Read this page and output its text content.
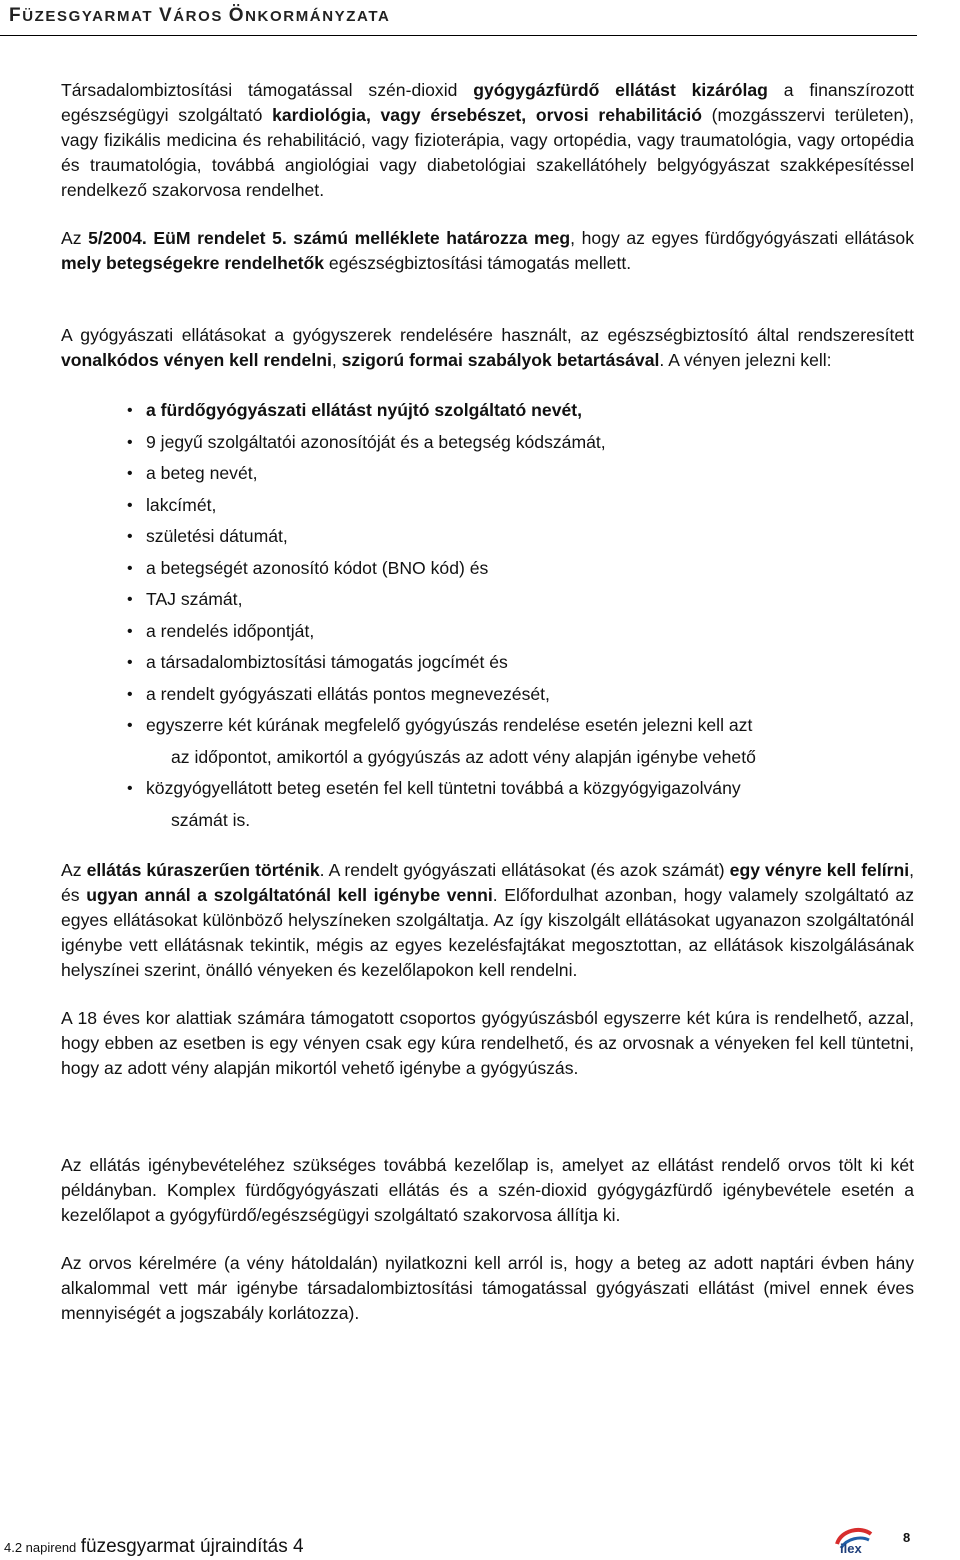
FÜZESGYARMAT VÁROS ÖNKORMÁNYZATA

Társadalombiztosítási támogatással szén-dioxid gyógygázfürdő ellátást kizárólag a finanszírozott egészségügyi szolgáltató kardiológia, vagy érsebészet, orvosi rehabilitáció (mozgásszervi területen), vagy fizikális medicina és rehabilitáció, vagy fizioterápia, vagy ortopédia, vagy traumatológia, vagy ortopédia és traumatológia, továbbá angiológiai vagy diabetológiai szakellátóhely belgyógyászat szakképesítéssel rendelkező szakorvosa rendelhet.

Az 5/2004. EüM rendelet 5. számú melléklete határozza meg, hogy az egyes fürdőgyógyászati ellátások mely betegségekre rendelhetők egészségbiztosítási támogatás mellett.

A gyógyászati ellátásokat a gyógyszerek rendelésére használt, az egészségbiztosító által rendszeresített vonalkódos vényen kell rendelni, szigorú formai szabályok betartásával. A vényen jelezni kell:

• a fürdőgyógyászati ellátást nyújtó szolgáltató nevét,
• 9 jegyű szolgáltatói azonosítóját és a betegség kódszámát,
• a beteg nevét,
• lakcímét,
• születési dátumát,
• a betegségét azonosító kódot (BNO kód) és
• TAJ számát,
• a rendelés időpontját,
• a társadalombiztosítási támogatás jogcímét és
• a rendelt gyógyászati ellátás pontos megnevezését,
• egyszerre két kúrának megfelelő gyógyúszás rendelése esetén jelezni kell azt
az időpontot, amikortól a gyógyúszás az adott vény alapján igénybe vehető
• közgyógyellátott beteg esetén fel kell tüntetni továbbá a közgyógyigazolvány
számát is.

Az ellátás kúraszerűen történik. A rendelt gyógyászati ellátásokat (és azok számát) egy vényre kell felírni, és ugyan annál a szolgáltatónál kell igénybe venni. Előfordulhat azonban, hogy valamely szolgáltató az egyes ellátásokat különböző helyszíneken szolgáltatja. Az így kiszolgált ellátásokat ugyanazon szolgáltatónál igénybe vett ellátásnak tekintik, mégis az egyes kezelésfajtákat megosztottan, az ellátások kiszolgálásának helyszínei szerint, önálló vényeken és kezelőlapokon kell rendelni.

A 18 éves kor alattiak számára támogatott csoportos gyógyúszásból egyszerre két kúra is rendelhető, azzal, hogy ebben az esetben is egy vényen csak egy kúra rendelhető, és az orvosnak a vényeken fel kell tüntetni, hogy az adott vény alapján mikortól vehető igénybe a gyógyúszás.

Az ellátás igénybevételéhez szükséges továbbá kezelőlap is, amelyet az ellátást rendelő orvos tölt ki két példányban. Komplex fürdőgyógyászati ellátás és a szén-dioxid gyógygázfürdő igénybevétele esetén a kezelőlapot a gyógyfürdő/egészségügyi szolgáltató szakorvosa állítja ki.

Az orvos kérelmére (a vény hátoldalán) nyilatkozni kell arról is, hogy a beteg az adott naptári évben hány alkalommal vett már igénybe társadalombiztosítási támogatással gyógyászati ellátást (mivel ennek éves mennyiségét a jogszabály korlátozza).

4.2 napirend füzesgyarmat újraindítás 4	ilex
8
